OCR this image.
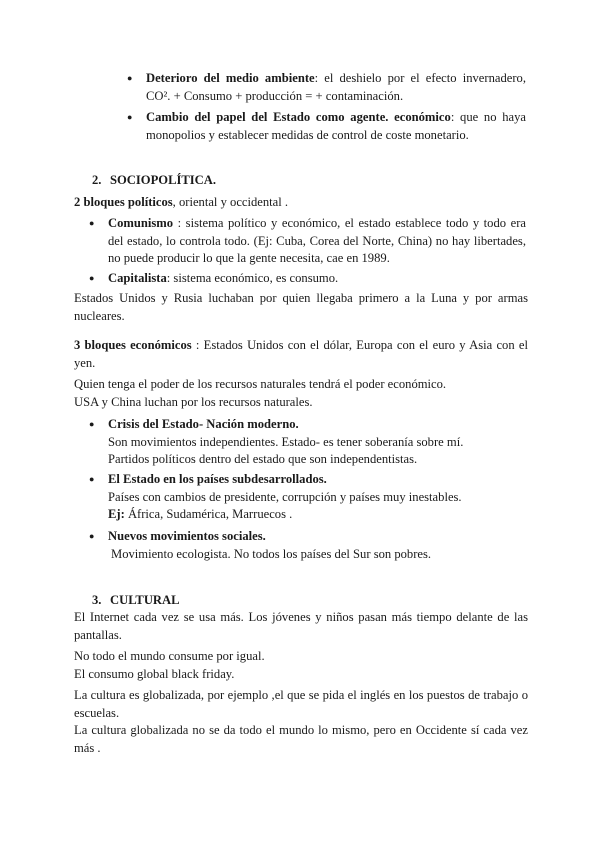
● Deterioro del medio ambiente: el deshielo por el efecto invernadero, CO². + Consumo + producción = + contaminación.
● Cambio del papel del Estado como agente. económico: que no haya monopolios y establecer medidas de control de coste monetario.
2. SOCIOPOLÍTICA.
2 bloques políticos, oriental y occidental .
● Comunismo : sistema político y económico, el estado establece todo y todo era del estado, lo controla todo. (Ej: Cuba, Corea del Norte, China) no hay libertades, no puede producir lo que la gente necesita, cae en 1989.
● Capitalista: sistema económico, es consumo.
Estados Unidos y Rusia luchaban por quien llegaba primero a la Luna y por armas nucleares.
3 bloques económicos : Estados Unidos con el dólar, Europa con el euro y Asia con el yen.
Quien tenga el poder de los recursos naturales tendrá el poder económico.
USA y China luchan por los recursos naturales.
● Crisis del Estado- Nación moderno.
Son movimientos independientes. Estado- es tener soberanía sobre mí.
Partidos políticos dentro del estado que son independentistas.
● El Estado en los países subdesarrollados.
Países con cambios de presidente, corrupción y países muy inestables.
Ej: África, Sudamérica, Marruecos .
● Nuevos movimientos sociales.
Movimiento ecologista. No todos los países del Sur son pobres.
3. CULTURAL
El Internet cada vez se usa más. Los jóvenes y niños pasan más tiempo delante de las pantallas.
No todo el mundo consume por igual.
El consumo global black friday.
La cultura es globalizada, por ejemplo ,el que se pida el inglés en los puestos de trabajo o escuelas.
La cultura globalizada no se da todo el mundo lo mismo, pero en Occidente sí cada vez más .
